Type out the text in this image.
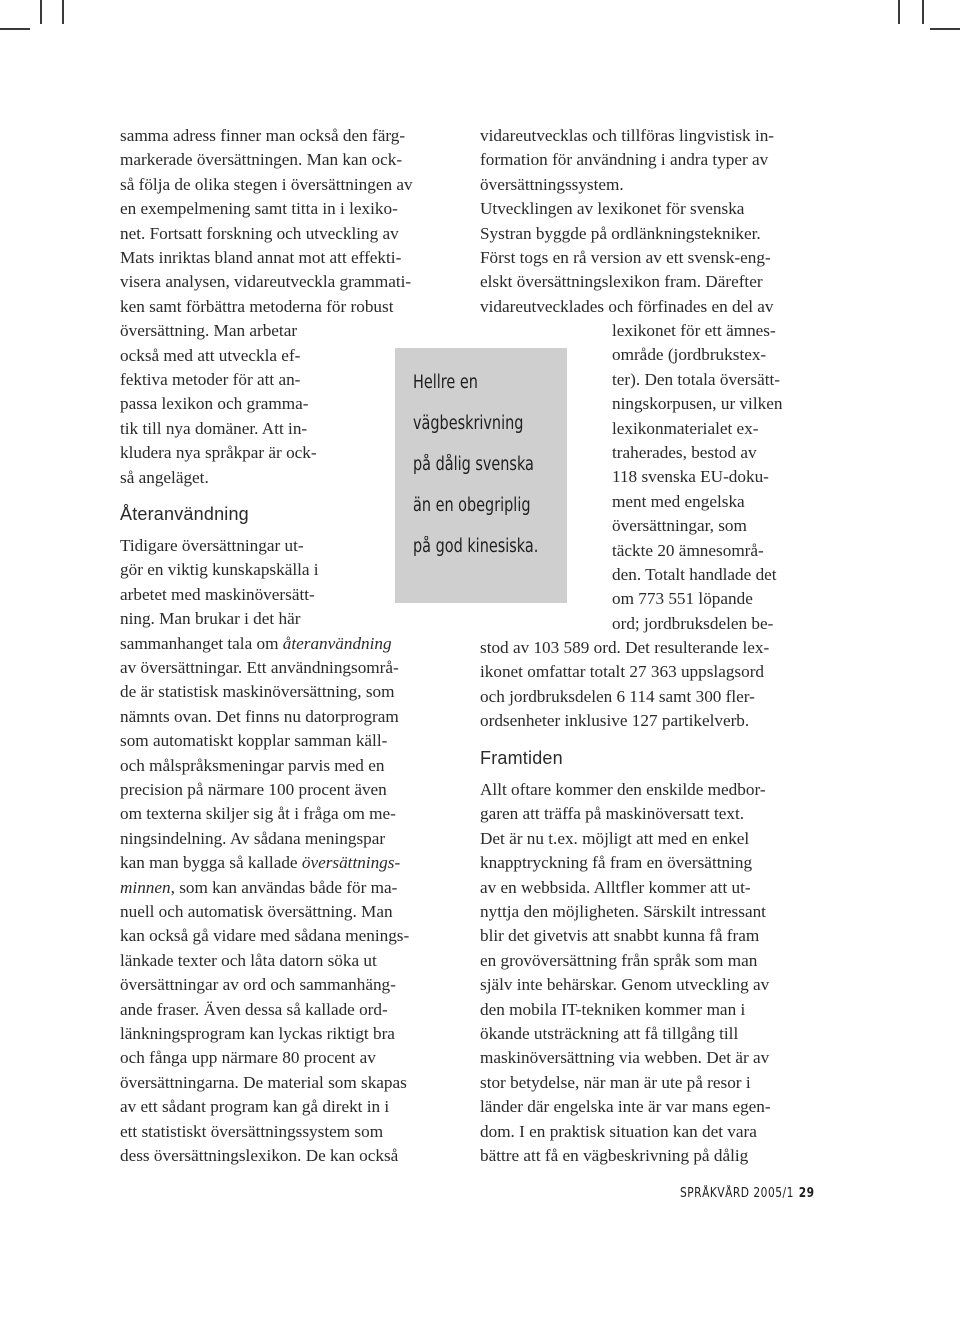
samma adress finner man också den färg-
markerade översättningen. Man kan ock-
så följa de olika stegen i översättningen av
en exempelmening samt titta in i lexiko-
net. Fortsatt forskning och utveckling av
Mats inriktas bland annat mot att effekti-
visera analysen, vidareutveckla grammati-
ken samt förbättra metoderna för robust
översättning. Man arbetar
också med att utveckla ef-
fektiva metoder för att an-
passa lexikon och gramma-
tik till nya domäner. Att in-
kludera nya språkpar är ock-
så angeläget.
Återanvändning
Tidigare översättningar ut-
gör en viktig kunskapskälla i
arbetet med maskinöversätt-
ning. Man brukar i det här
sammanhanget tala om återanvändning
av översättningar. Ett användningsområ-
de är statistisk maskinöversättning, som
nämnts ovan. Det finns nu datorprogram
som automatiskt kopplar samman käll-
och målspråksmeningar parvis med en
precision på närmare 100 procent även
om texterna skiljer sig åt i fråga om me-
ningsindelning. Av sådana meningspar
kan man bygga så kallade översättnings-
minnen, som kan användas både för ma-
nuell och automatisk översättning. Man
kan också gå vidare med sådana menings-
länkade texter och låta datorn söka ut
översättningar av ord och sammanhäng-
ande fraser. Även dessa så kallade ord-
länkningsprogram kan lyckas riktigt bra
och fånga upp närmare 80 procent av
översättningarna. De material som skapas
av ett sådant program kan gå direkt in i
ett statistiskt översättningssystem som
dess översättningslexikon. De kan också
Hellre en
vägbeskrivning
på dålig svenska
än en obegriplig
på god kinesiska.
vidareutvecklas och tillföras lingvistisk in-
formation för användning i andra typer av
översättningssystem.
Utvecklingen av lexikonet för svenska
Systran byggde på ordlänkningstekniker.
Först togs en rå version av ett svensk-eng-
elskt översättningslexikon fram. Därefter
vidareutvecklades och förfinades en del av
lexikonet för ett ämnes-
område (jordbrukstex-
ter). Den totala översätt-
ningskorpusen, ur vilken
lexikonmaterialet ex-
traherades, bestod av
118 svenska EU-doku-
ment med engelska
översättningar, som
täckte 20 ämnesområ-
den. Totalt handlade det
om 773 551 löpande
ord; jordbruksdelen be-
stod av 103 589 ord. Det resulterande lex-
ikonet omfattar totalt 27 363 uppslagsord
och jordbruksdelen 6 114 samt 300 fler-
ordsenheter inklusive 127 partikelverb.
Framtiden
Allt oftare kommer den enskilde medbor-
garen att träffa på maskinöversatt text.
Det är nu t.ex. möjligt att med en enkel
knapptryckning få fram en översättning
av en webbsida. Alltfler kommer att ut-
nyttja den möjligheten. Särskilt intressant
blir det givetvis att snabbt kunna få fram
en grovöversättning från språk som man
själv inte behärskar. Genom utveckling av
den mobila IT-tekniken kommer man i
ökande utsträckning att få tillgång till
maskinöversättning via webben. Det är av
stor betydelse, när man är ute på resor i
länder där engelska inte är var mans egen-
dom. I en praktisk situation kan det vara
bättre att få en vägbeskrivning på dålig
SPRÅKVÅRD 2005/1 29
